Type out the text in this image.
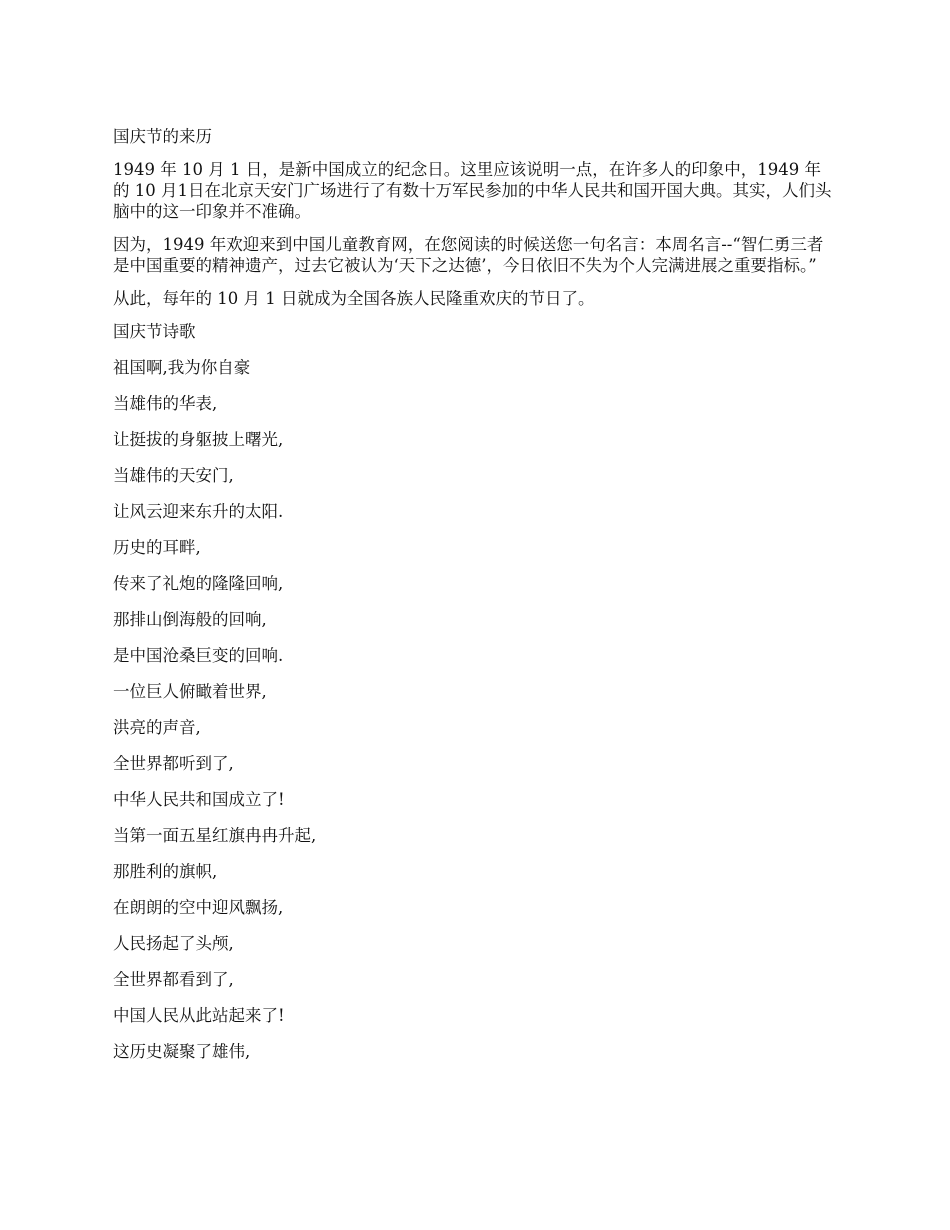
国庆节的来历

1949 年 10 月 1 日，是新中国成立的纪念日。这里应该说明一点，在许多人的印象中，1949 年的 10 月1日在北京天安门广场进行了有数十万军民参加的中华人民共和国开国大典。其实，人们头脑中的这一印象并不准确。

因为，1949 年欢迎来到中国儿童教育网，在您阅读的时候送您一句名言：本周名言--“智仁勇三者是中国重要的精神遗产，过去它被认为‘天下之达德’，今日依旧不失为个人完满进展之重要指标。”

从此，每年的 10 月 1 日就成为全国各族人民隆重欢庆的节日了。

国庆节诗歌

祖国啊,我为你自豪

当雄伟的华表,

让挺拔的身躯披上曙光,

当雄伟的天安门,

让风云迎来东升的太阳.

历史的耳畔,

传来了礼炮的隆隆回响,

那排山倒海般的回响,

是中国沧桑巨变的回响.

一位巨人俯瞰着世界,

洪亮的声音,

全世界都听到了,

中华人民共和国成立了!

当第一面五星红旗冉冉升起,

那胜利的旗帜,

在朗朗的空中迎风飘扬,

人民扬起了头颅,

全世界都看到了,

中国人民从此站起来了!

这历史凝聚了雄伟,
